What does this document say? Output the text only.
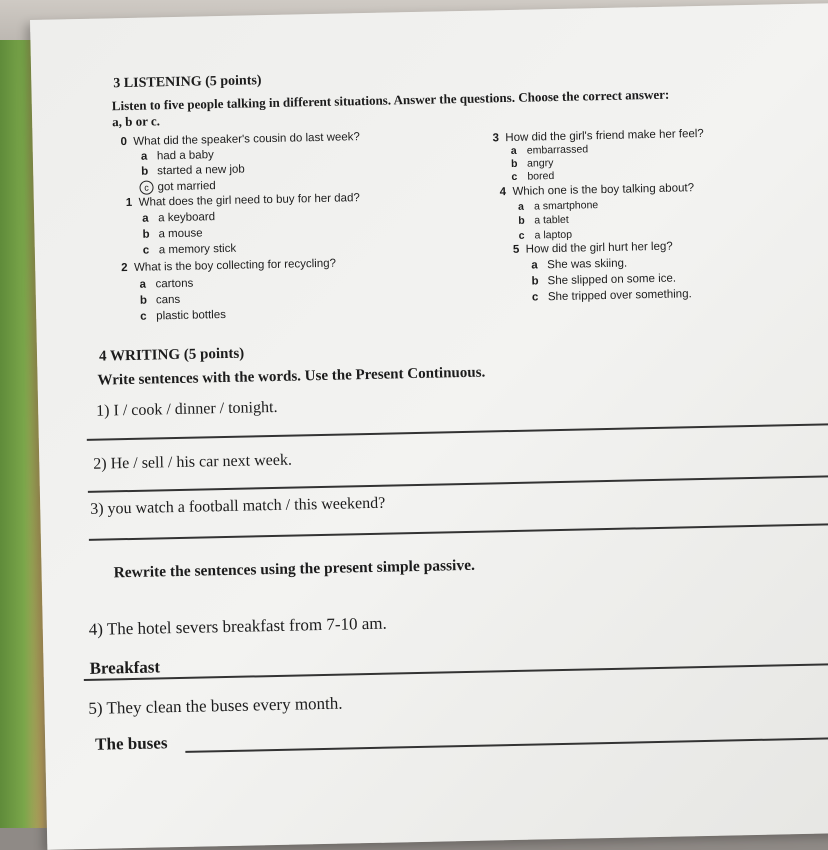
3 LISTENING (5 points)
Listen to five people talking in different situations. Answer the questions. Choose the correct answer:
a, b or c.
0 What did the speaker's cousin do last week?
a had a baby
b started a new job
c got married
1 What does the girl need to buy for her dad?
a a keyboard
b a mouse
c a memory stick
2 What is the boy collecting for recycling?
a cartons
b cans
c plastic bottles
3 How did the girl's friend make her feel?
a embarrassed
b angry
c bored
4 Which one is the boy talking about?
a a smartphone
b a tablet
c a laptop
5 How did the girl hurt her leg?
a She was skiing.
b She slipped on some ice.
c She tripped over something.
4 WRITING (5 points)
Write sentences with the words. Use the Present Continuous.
1) I / cook / dinner / tonight.
2) He / sell / his car next week.
3) you watch a football match / this weekend?
Rewrite the sentences using the present simple passive.
4) The hotel severs breakfast from 7-10 am.
Breakfast
5) They clean the buses every month.
The buses
